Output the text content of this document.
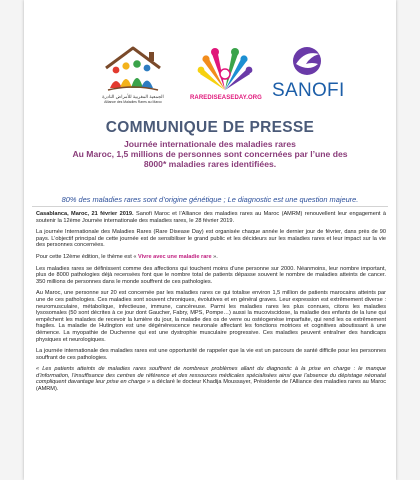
الجمعية المغربية للأمراض النادرة
Alliance des Maladies Rares au Maroc
RAREDISEASEDAY.ORG SANOFI
COMMUNIQUE DE PRESSE
Journée internationale des maladies rares
Au Maroc, 1,5 millions de personnes sont concernées par l’une des
8000* maladies rares identifiées.
80% des maladies rares sont d’origine génétique ; Le diagnostic est une question majeure.

Casablanca, Maroc, 21 février 2019. Sanofi Maroc et l’Alliance des maladies rares au Maroc (AMRM) renouvellent leur engagement à soutenir la 12ème Journée internationale des maladies rares, le 28 février 2019.

La journée Internationale des Maladies Rares (Rare Disease Day) est organisée chaque année le dernier jour de février, dans près de 90 pays. L’objectif principal de cette journée est de sensibiliser le grand public et les décideurs sur les maladies rares et leur impact sur la vie des personnes concernées.

Pour cette 12ème édition, le thème est « Vivre avec une maladie rare ».

Les maladies rares se définissent comme des affections qui touchent moins d’une personne sur 2000. Néanmoins, leur nombre important, plus de 8000 pathologies déjà recensées font que le nombre total de patients dépasse souvent le nombre de maladies atteints de cancer. 350 millions de personnes dans le monde souffrent de ces pathologies.

Au Maroc, une personne sur 20 est concernée par les maladies rares ce qui totalise environ 1,5 million de patients marocains atteints par une de ces pathologies. Ces maladies sont souvent chroniques, évolutives et en général graves. Leur expression est extrêmement diverse : neuromusculaire, métabolique, infectieuse, immune, cancéreuse. Parmi les maladies rares les plus connues, citons les maladies lysosomales (50 sont décrites à ce jour dont Gaucher, Fabry, MPS, Pompe…) aussi la mucoviscidose, la maladie des enfants de la lune qui empêchent les malades de recevoir la lumière du jour, la maladie des os de verre ou ostéogenèse imparfaite, qui rend les os extrêmement fragiles. La maladie de Hutington est une dégénérescence neuronale affectant les fonctions motrices et cognitives aboutissant à une démence. La myopathie de Duchenne qui est une dystrophie musculaire progressive. Ces maladies peuvent entraîner des handicaps physiques et neurologiques.

La journée internationale des maladies rares est une opportunité de rappeler que la vie est un parcours de santé difficile pour les personnes souffrant de ces pathologies.

« Les patients atteints de maladies rares souffrent de nombreux problèmes allant du diagnostic à la prise en charge : le manque d’information, l’insuffisance des centres de référence et des ressources médicales spécialisées ainsi que l’absence du dépistage néonatal compliquent davantage leur prise en charge » a déclaré le docteur Khadija Moussayer, Présidente de l’Alliance des maladies rares au Maroc (AMRM).
